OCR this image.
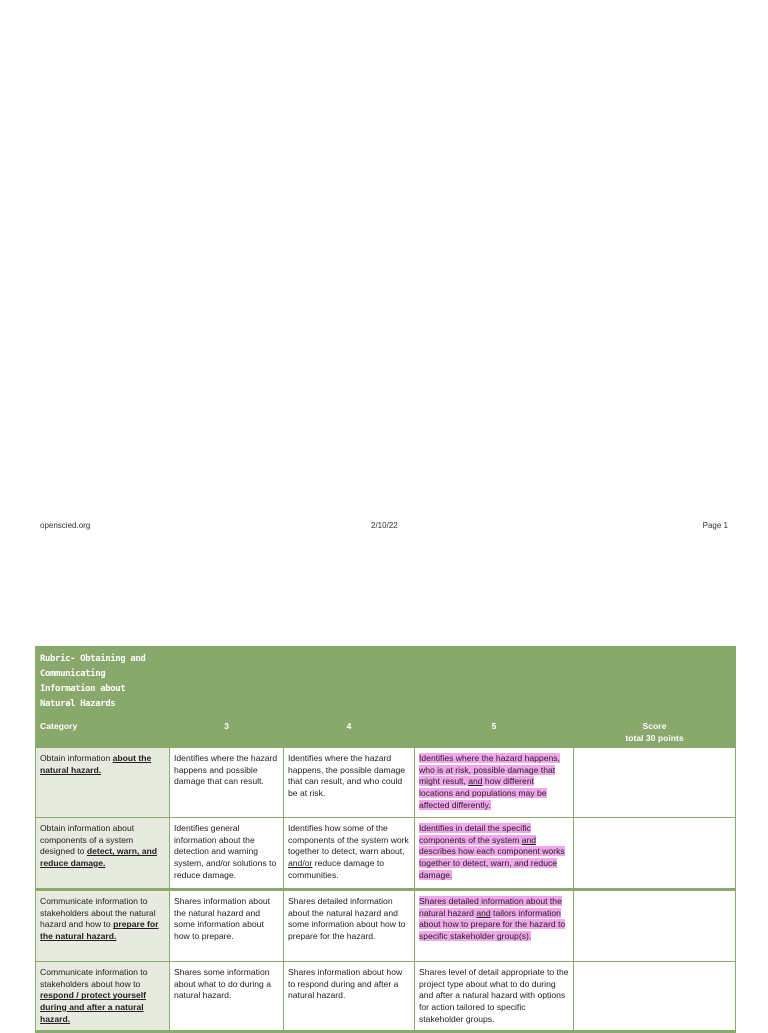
openscied.org	2/10/22	Page 1
Rubric- Obtaining and Communicating Information about Natural Hazards				
Category	3	4	5	Score
total 30 points
Obtain information about the natural hazard.	Identifies where the hazard happens and possible damage that can result.	Identifies where the hazard happens, the possible damage that can result, and who could be at risk.	Identifies where the hazard happens, who is at risk, possible damage that might result, and how different locations and populations may be affected differently.	
Obtain information about components of a system designed to detect, warn, and reduce damage.	Identifies general information about the detection and warning system, and/or solutions to reduce damage.	Identifies how some of the components of the system work together to detect, warn about, and/or reduce damage to communities.	Identifies in detail the specific components of the system and describes how each component works together to detect, warn, and reduce damage.	
Communicate information to stakeholders about the natural hazard and how to prepare for the natural hazard.	Shares information about the natural hazard and some information about how to prepare.	Shares detailed information about the natural hazard and some information about how to prepare for the hazard.	Shares detailed information about the natural hazard and tailors information about how to prepare for the hazard to specific stakeholder group(s).	
Communicate information to stakeholders about how to respond / protect yourself during and after a natural hazard.	Shares some information about what to do during a natural hazard.	Shares information about how to respond during and after a natural hazard.	Shares level of detail appropriate to the project type about what to do during and after a natural hazard with options for action tailored to specific stakeholder groups.	
